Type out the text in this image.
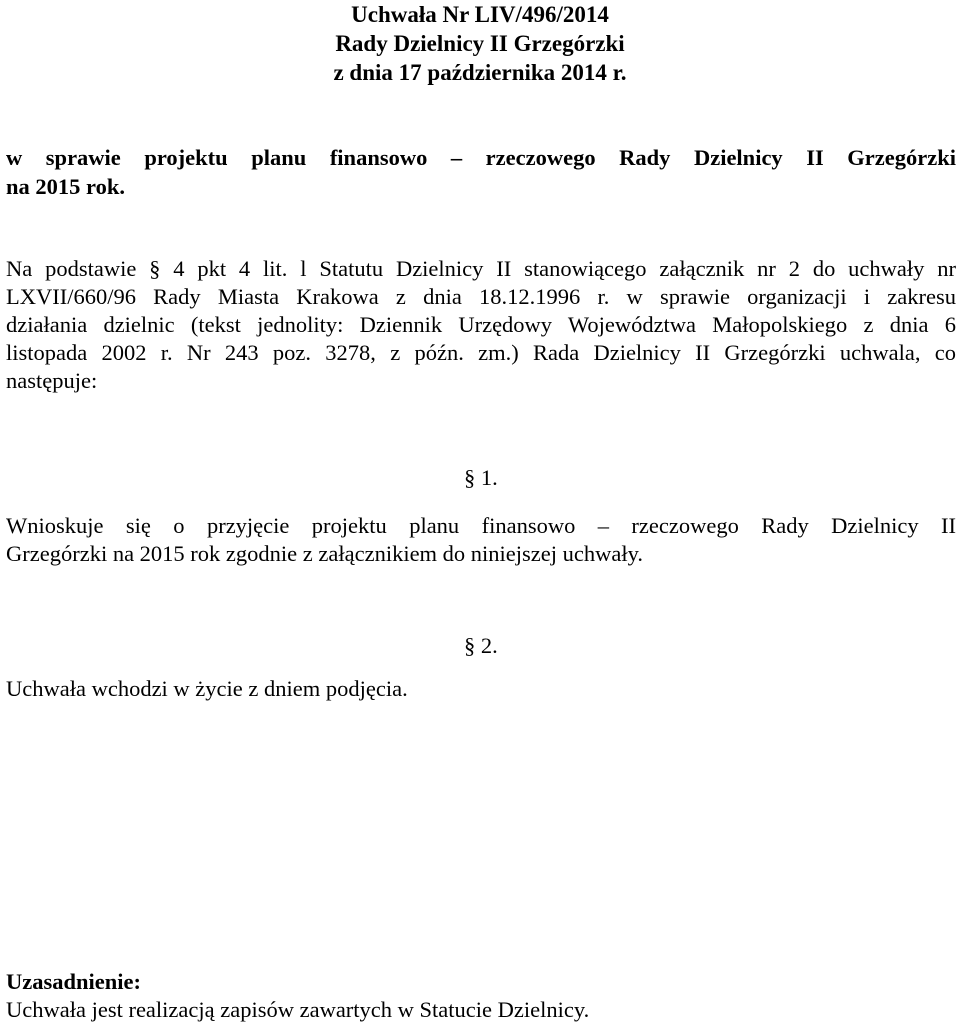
Uchwała Nr LIV/496/2014
Rady Dzielnicy II Grzegórzki
z dnia 17 października 2014 r.
w sprawie projektu planu finansowo – rzeczowego Rady Dzielnicy II Grzegórzki
na 2015 rok.
Na podstawie § 4 pkt 4 lit. l Statutu Dzielnicy II stanowiącego załącznik nr 2 do uchwały nr
LXVII/660/96 Rady Miasta Krakowa z dnia 18.12.1996 r. w sprawie organizacji i zakresu
działania dzielnic (tekst jednolity: Dziennik Urzędowy Województwa Małopolskiego z dnia 6
listopada 2002 r. Nr 243 poz. 3278, z późn. zm.) Rada Dzielnicy II Grzegórzki uchwala, co
następuje:
§ 1.
Wnioskuje się o przyjęcie projektu planu finansowo – rzeczowego Rady Dzielnicy II
Grzegórzki na 2015 rok zgodnie z załącznikiem do niniejszej uchwały.
§ 2.
Uchwała wchodzi w życie z dniem podjęcia.
Uzasadnienie:
Uchwała jest realizacją zapisów zawartych w Statucie Dzielnicy.
